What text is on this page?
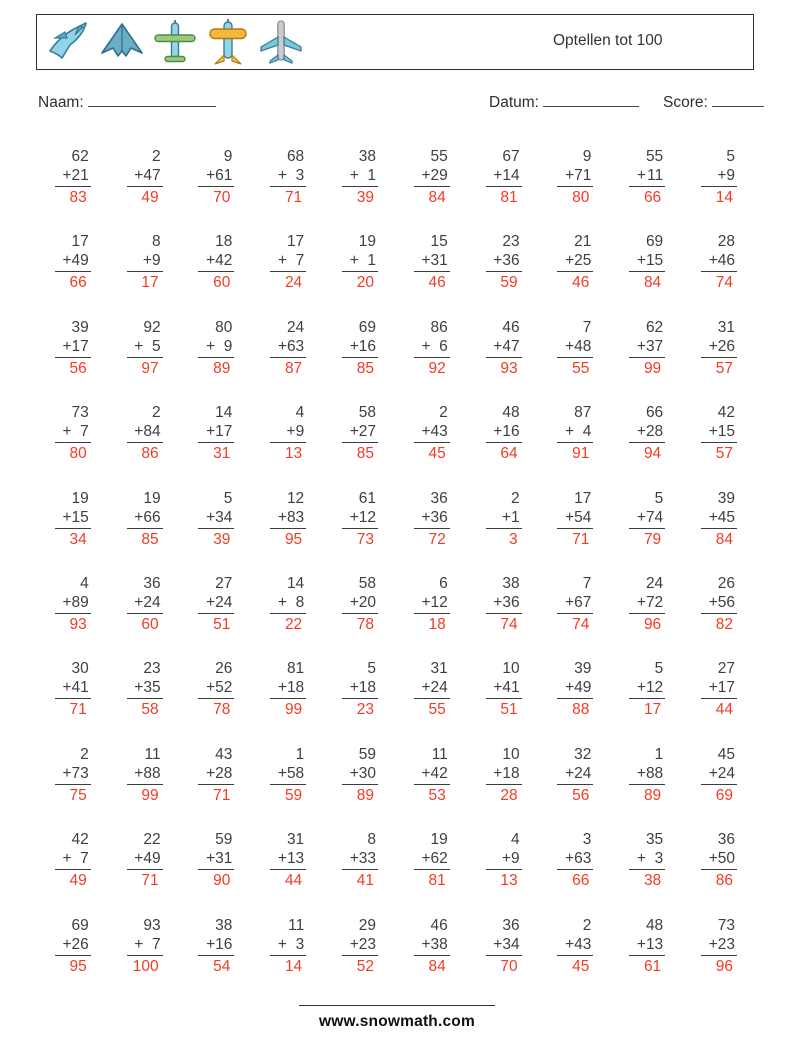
Optellen tot 100
Naam:	Datum:	Score:
62
+21
83
2
+47
49
9
+61
70
68
+ 3
71
38
+ 1
39
55
+29
84
67
+14
81
9
+71
80
55
+11
66
5
+9
14
17
+49
66
8
+9
17
18
+42
60
17
+ 7
24
19
+ 1
20
15
+31
46
23
+36
59
21
+25
46
69
+15
84
28
+46
74
39
+17
56
92
+ 5
97
80
+ 9
89
24
+63
87
69
+16
85
86
+ 6
92
46
+47
93
7
+48
55
62
+37
99
31
+26
57
73
+ 7
80
2
+84
86
14
+17
31
4
+9
13
58
+27
85
2
+43
45
48
+16
64
87
+ 4
91
66
+28
94
42
+15
57
19
+15
34
19
+66
85
5
+34
39
12
+83
95
61
+12
73
36
+36
72
2
+1
3
17
+54
71
5
+74
79
39
+45
84
4
+89
93
36
+24
60
27
+24
51
14
+ 8
22
58
+20
78
6
+12
18
38
+36
74
7
+67
74
24
+72
96
26
+56
82
30
+41
71
23
+35
58
26
+52
78
81
+18
99
5
+18
23
31
+24
55
10
+41
51
39
+49
88
5
+12
17
27
+17
44
2
+73
75
11
+88
99
43
+28
71
1
+58
59
59
+30
89
11
+42
53
10
+18
28
32
+24
56
1
+88
89
45
+24
69
42
+ 7
49
22
+49
71
59
+31
90
31
+13
44
8
+33
41
19
+62
81
4
+9
13
3
+63
66
35
+ 3
38
36
+50
86
69
+26
95
93
+ 7
100
38
+16
54
11
+ 3
14
29
+23
52
46
+38
84
36
+34
70
2
+43
45
48
+13
61
73
+23
96
www.snowmath.com
